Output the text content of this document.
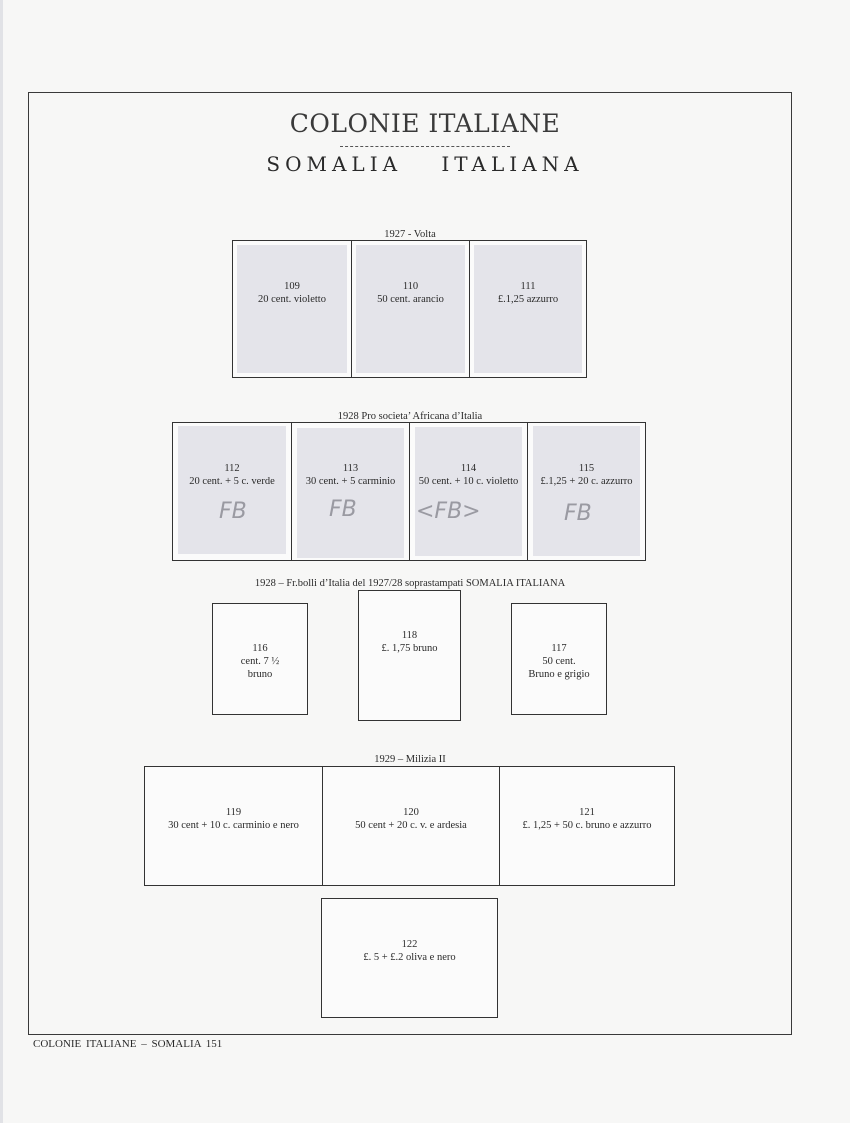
COLONIE ITALIANE
SOMALIA ITALIANA
1927 - Volta
109
20 cent. violetto
110
50 cent. arancio
111
£.1,25 azzurro
1928 Pro societa’ Africana d’Italia
112
20 cent. + 5 c. verde
FB
113
30 cent. + 5 carminio
FB
114
50 cent. + 10 c. violetto
<FB>
115
£.1,25 + 20 c. azzurro
FB
1928 – Fr.bolli d’Italia del 1927/28 soprastampati SOMALIA ITALIANA
116
cent. 7 ½
bruno
118
£. 1,75 bruno	117
50 cent.
Bruno e grigio
1929 – Milizia II
119
30 cent + 10 c. carminio e nero
120
50 cent + 20 c. v. e ardesia
121
£. 1,25 + 50 c. bruno e azzurro
122
£. 5 + £.2 oliva e nero
COLONIE ITALIANE – SOMALIA 151
